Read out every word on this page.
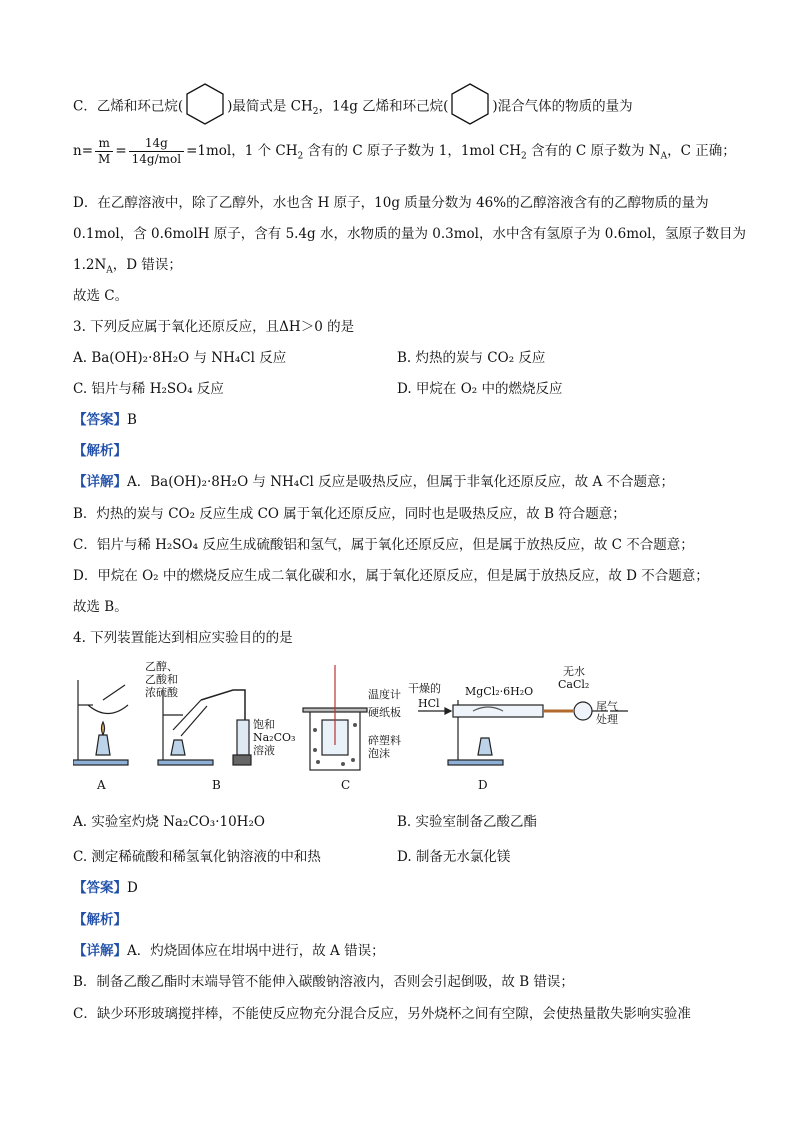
C．乙烯和环己烷(	)最简式是 $CH_2$，14g 乙烯和环己烷(	)混合气体的物质的量为
$n= \frac{m}{M} = \frac{14g}{\text{14g/mol}} =1mol$，1 个 $CH_2$ 含有的 C 原子子数为 1，1mol $CH_2$ 含有的 C 原子数为 $N_A$，C 正确；
D．在乙醇溶液中，除了乙醇外，水也含 H 原子，10g 质量分数为 46%的乙醇溶液含有的乙醇物质的量为
0.1mol，含 0.6molH 原子，含有 5.4g 水，水物质的量为 0.3mol，水中含有氢原子为 0.6mol，氢原子数目为
$1.2N_A$，D 错误；
故选 C。
3. 下列反应属于氧化还原反应，且ΔH＞0 的是
A. Ba(OH)₂·8H₂O 与 NH₄Cl 反应	B. 灼热的炭与 CO₂ 反应
C. 铝片与稀 H₂SO₄ 反应	D. 甲烷在 O₂ 中的燃烧反应
【答案】B
【解析】
【详解】A．Ba(OH)₂·8H₂O 与 NH₄Cl 反应是吸热反应，但属于非氧化还原反应，故 A 不合题意；
B．灼热的炭与 CO₂ 反应生成 CO 属于氧化还原反应，同时也是吸热反应，故 B 符合题意；
C．铝片与稀 H₂SO₄ 反应生成硫酸铝和氢气，属于氧化还原反应，但是属于放热反应，故 C 不合题意；
D．甲烷在 O₂ 中的燃烧反应生成二氧化碳和水，属于氧化还原反应，但是属于放热反应，故 D 不合题意；
故选 B。
4. 下列装置能达到相应实验目的的是
乙醇、
乙酸和
浓硫酸
饱和
Na₂CO₃
溶液
温度计
硬纸板
碎塑料
泡沫
干燥的
HCl
MgCl₂·6H₂O
无水
CaCl₂
尾气
处理
A	B	C	D
A. 实验室灼烧 Na₂CO₃·10H₂O	B. 实验室制备乙酸乙酯
C. 测定稀硫酸和稀氢氧化钠溶液的中和热	D. 制备无水氯化镁
【答案】D
【解析】
【详解】A．灼烧固体应在坩埚中进行，故 A 错误；
B．制备乙酸乙酯时末端导管不能伸入碳酸钠溶液内，否则会引起倒吸，故 B 错误；
C．缺少环形玻璃搅拌棒，不能使反应物充分混合反应，另外烧杯之间有空隙，会使热量散失影响实验准
